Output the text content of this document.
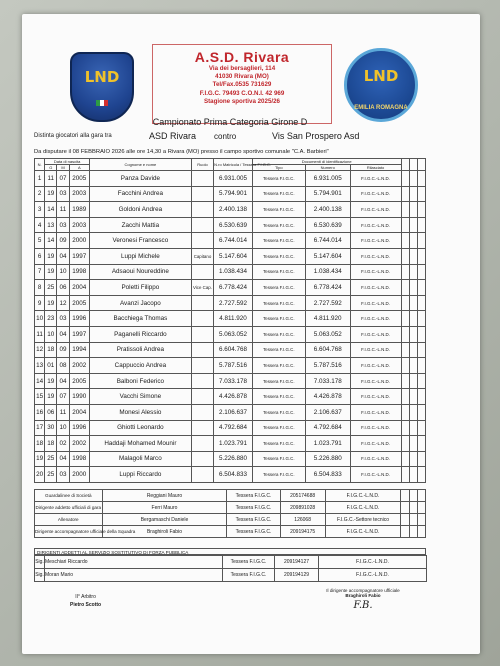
LND
A.S.D. Rivara
Via dei bersaglieri, 114
41030 Rivara (MO)
Tel/Fax.0535 731629
F.I.G.C. 79493 C.O.N.I. 42 969
Stagione sportiva 2025/26
LND
EMILIA ROMAGNA
Campionato Prima Categoria Girone D
Distinta giocatori alla gara tra	ASD Rivara contro	Vis San Prospero Asd
Da disputare il 08 FEBBRAIO 2026 alle ore 14,30 a Rivara (MO) presso il campo sportivo comunale "C.A. Barbieri"
N.	Data di nascita			Cognome e nome	Ruolo	N.ro Matricola / Tessera F.I.G.C.	Documenti di identificazione					
	G	M	A				Tipo	Numero	Rilasciato			
1	11	07	2005	Panza Davide		6.931.005	Tessera F.I.G.C.	6.931.005	F.I.G.C.-L.N.D.			
2	19	03	2003	Facchini Andrea		5.794.901	Tessera F.I.G.C.	5.794.901	F.I.G.C.-L.N.D.			
3	14	11	1989	Goldoni Andrea		2.400.138	Tessera F.I.G.C.	2.400.138	F.I.G.C.-L.N.D.			
4	13	03	2003	Zacchi Mattia		6.530.639	Tessera F.I.G.C.	6.530.639	F.I.G.C.-L.N.D.			
5	14	09	2000	Veronesi Francesco		6.744.014	Tessera F.I.G.C.	6.744.014	F.I.G.C.-L.N.D.			
6	19	04	1997	Luppi Michele	Capitano	5.147.604	Tessera F.I.G.C.	5.147.604	F.I.G.C.-L.N.D.			
7	19	10	1998	Adsaoui Noureddine		1.038.434	Tessera F.I.G.C.	1.038.434	F.I.G.C.-L.N.D.			
8	25	06	2004	Poletti Filippo	Vice Cap.	6.778.424	Tessera F.I.G.C.	6.778.424	F.I.G.C.-L.N.D.			
9	19	12	2005	Avanzi Jacopo		2.727.592	Tessera F.I.G.C.	2.727.592	F.I.G.C.-L.N.D.			
10	23	03	1996	Bacchiega Thomas		4.811.920	Tessera F.I.G.C.	4.811.920	F.I.G.C.-L.N.D.			
11	10	04	1997	Paganelli Riccardo		5.063.052	Tessera F.I.G.C.	5.063.052	F.I.G.C.-L.N.D.			
12	18	09	1994	Pratissoli Andrea		6.604.768	Tessera F.I.G.C.	6.604.768	F.I.G.C.-L.N.D.			
13	01	08	2002	Cappuccio Andrea		5.787.516	Tessera F.I.G.C.	5.787.516	F.I.G.C.-L.N.D.			
14	19	04	2005	Balboni Federico		7.033.178	Tessera F.I.G.C.	7.033.178	F.I.G.C.-L.N.D.			
15	19	07	1990	Vacchi Simone		4.426.878	Tessera F.I.G.C.	4.426.878	F.I.G.C.-L.N.D.			
16	06	11	2004	Monesi Alessio		2.106.637	Tessera F.I.G.C.	2.106.637	F.I.G.C.-L.N.D.			
17	30	10	1996	Ghiotti Leonardo		4.792.684	Tessera F.I.G.C.	4.792.684	F.I.G.C.-L.N.D.			
18	18	02	2002	Haddaji Mohamed Mounir		1.023.791	Tessera F.I.G.C.	1.023.791	F.I.G.C.-L.N.D.			
19	25	04	1998	Malagoli Marco		5.226.880	Tessera F.I.G.C.	5.226.880	F.I.G.C.-L.N.D.			
20	25	03	2000	Luppi Riccardo		6.504.833	Tessera F.I.G.C.	6.504.833	F.I.G.C.-L.N.D.			
Guardalinee di Società	Reggiani Mauro	Tessera F.I.G.C.	205174688	F.I.G.C.-L.N.D.			
Dirigente addetto ufficiali di gara	Ferri Mauro	Tessera F.I.G.C.	209891028	F.I.G.C.-L.N.D.			
Allenatore	Bergamaschi Daniele	Tessera F.I.G.C.	126068	F.I.G.C.-Settore tecnico			
Dirigente accompagnatore ufficiale della Squadra	Braghiroli Fabio	Tessera F.I.G.C.	209194175	F.I.G.C.-L.N.D.			
DIRIGENTI ADDETTI AL SERVIZIO SOSTITUTIVO DI FORZA PUBBLICA
Sig.	Meschiari Riccardo	Tessera F.I.G.C.	209194127	F.I.G.C.-L.N.D.
Sig.	Moran Mario	Tessera F.I.G.C.	209194129	F.I.G.C.-L.N.D.
II° Arbitro
Pietro Scotto
Il dirigente accompagnatore ufficiale
Braghiroli Fabio
F.B.
